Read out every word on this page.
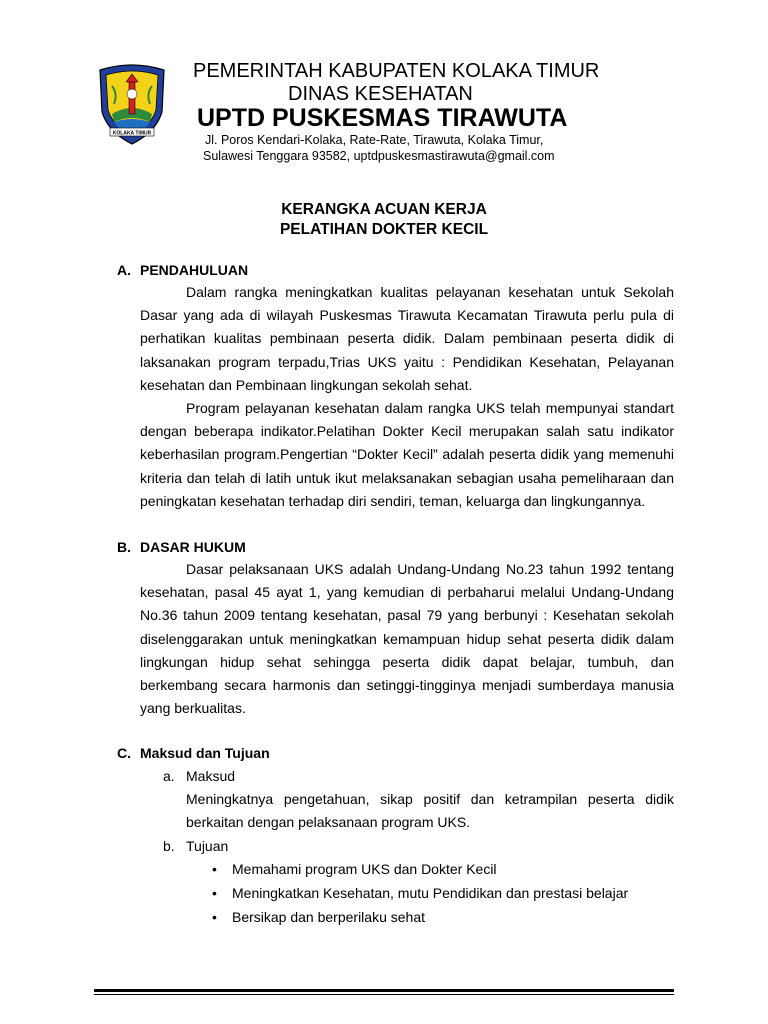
KOLAKA TIMUR
PEMERINTAH KABUPATEN KOLAKA TIMUR
DINAS KESEHATAN
UPTD PUSKESMAS TIRAWUTA
Jl. Poros Kendari-Kolaka, Rate-Rate, Tirawuta, Kolaka Timur,
Sulawesi Tenggara 93582, uptdpuskesmastirawuta@gmail.com
KERANGKA ACUAN KERJA
PELATIHAN DOKTER KECIL
A. PENDAHULUAN
Dalam rangka meningkatkan kualitas pelayanan kesehatan untuk Sekolah Dasar yang ada di wilayah Puskesmas Tirawuta Kecamatan Tirawuta perlu pula di perhatikan kualitas pembinaan peserta didik. Dalam pembinaan peserta didik di laksanakan program terpadu,Trias UKS yaitu : Pendidikan Kesehatan, Pelayanan kesehatan dan Pembinaan lingkungan sekolah sehat.
Program pelayanan kesehatan dalam rangka UKS telah mempunyai standart dengan beberapa indikator.Pelatihan Dokter Kecil merupakan salah satu indikator keberhasilan program.Pengertian “Dokter Kecil” adalah peserta didik yang memenuhi kriteria dan telah di latih untuk ikut melaksanakan sebagian usaha pemeliharaan dan peningkatan kesehatan terhadap diri sendiri, teman, keluarga dan lingkungannya.
B. DASAR HUKUM
Dasar pelaksanaan UKS adalah Undang-Undang No.23 tahun 1992 tentang kesehatan, pasal 45 ayat 1, yang kemudian di perbaharui melalui Undang-Undang No.36 tahun 2009 tentang kesehatan, pasal 79 yang berbunyi : Kesehatan sekolah diselenggarakan untuk meningkatkan kemampuan hidup sehat peserta didik dalam lingkungan hidup sehat sehingga peserta didik dapat belajar, tumbuh, dan berkembang secara harmonis dan setinggi-tingginya menjadi sumberdaya manusia yang berkualitas.
C. Maksud dan Tujuan
a. Maksud
Meningkatnya pengetahuan, sikap positif dan ketrampilan peserta didik berkaitan dengan pelaksanaan program UKS.
b. Tujuan
• Memahami program UKS dan Dokter Kecil
• Meningkatkan Kesehatan, mutu Pendidikan dan prestasi belajar
• Bersikap dan berperilaku sehat
